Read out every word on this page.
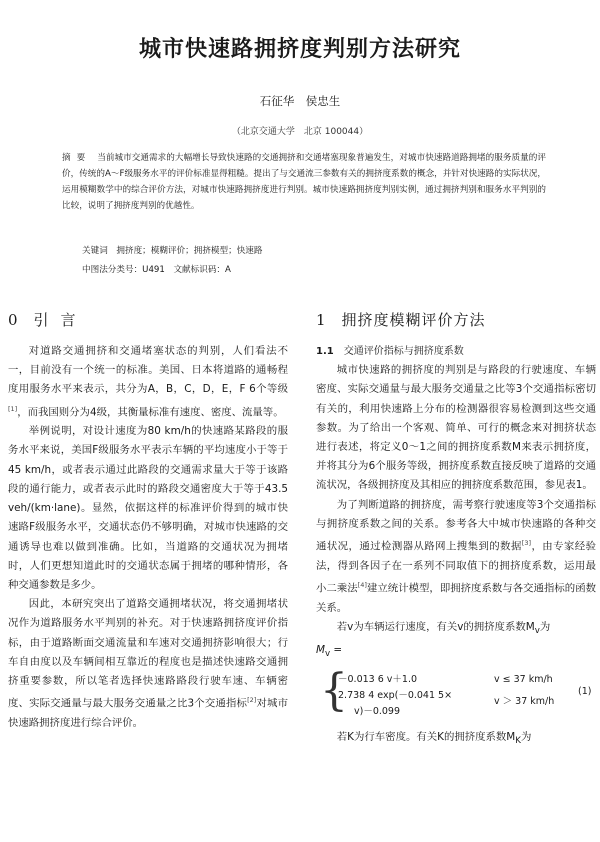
城市快速路拥挤度判别方法研究
石征华　侯忠生
（北京交通大学　北京 100044）
摘要 当前城市交通需求的大幅增长导致快速路的交通拥挤和交通堵塞现象普遍发生，对城市快速路道路拥堵的服务质量的评价，传统的A～F级服务水平的评价标准显得粗糙。提出了与交通流三参数有关的拥挤度系数的概念，并针对快速路的实际状况，运用模糊数学中的综合评价方法，对城市快速路拥挤度进行判别。城市快速路拥挤度判别实例，通过拥挤判别和服务水平判别的比较，说明了拥挤度判别的优越性。
关键词　拥挤度；模糊评价；拥挤模型；快速路
中图法分类号：U491　文献标识码：A
0 引言

对道路交通拥挤和交通堵塞状态的判别，人们看法不一，目前没有一个统一的标准。美国、日本将道路的通畅程度用服务水平来表示，共分为A，B，C，D，E，F 6个等级[1]，而我国则分为4级，其衡量标准有速度、密度、流量等。

举例说明，对设计速度为80 km/h的快速路某路段的服务水平来说，美国F级服务水平表示车辆的平均速度小于等于45 km/h，或者表示通过此路段的交通需求量大于等于该路段的通行能力，或者表示此时的路段交通密度大于等于43.5 veh/(km·lane)。显然，依据这样的标准评价得到的城市快速路F级服务水平，交通状态仍不够明确，对城市快速路的交通诱导也难以做到准确。比如，当道路的交通状况为拥堵时，人们更想知道此时的交通状态属于拥堵的哪种情形，各种交通参数是多少。

因此，本研究突出了道路交通拥堵状况，将交通拥堵状况作为道路服务水平判别的补充。对于快速路拥挤度评价指标，由于道路断面交通流量和车速对交通拥挤影响很大；行车自由度以及车辆间相互靠近的程度也是描述快速路交通拥挤重要参数，所以笔者选择快速路路段行驶车速、车辆密度、实际交通量与最大服务交通量之比3个交通指标[2]对城市快速路拥挤度进行综合评价。

1 拥挤度模糊评价方法
1.1 交通评价指标与拥挤度系数

城市快速路的拥挤度的判别是与路段的行驶速度、车辆密度、实际交通量与最大服务交通量之比等3个交通指标密切有关的，利用快速路上分布的检测器很容易检测到这些交通参数。为了给出一个客观、简单、可行的概念来对拥挤状态进行表述，将定义0～1之间的拥挤度系数M来表示拥挤度，并将其分为6个服务等级，拥挤度系数直接反映了道路的交通流状况，各级拥挤度及其相应的拥挤度系数范围，参见表1。

为了判断道路的拥挤度，需考察行驶速度等3个交通指标与拥挤度系数之间的关系。参考各大中城市快速路的各种交通状况，通过检测器从路网上搜集到的数据[3]，由专家经验法，得到各因子在一系列不同取值下的拥挤度系数，运用最小二乘法[4]建立统计模型，即拥挤度系数与各交通指标的函数关系。

若v为车辆运行速度，有关v的拥挤度系数$M_v$为

$M_v$ =

{
－0.013 6 v＋1.0
2.738 4 exp(－0.041 5×
v)－0.099
v ≤ 37 km/h
v ＞ 37 km/h
(1)

若K为行车密度。有关K的拥挤度系数$M_K$为
